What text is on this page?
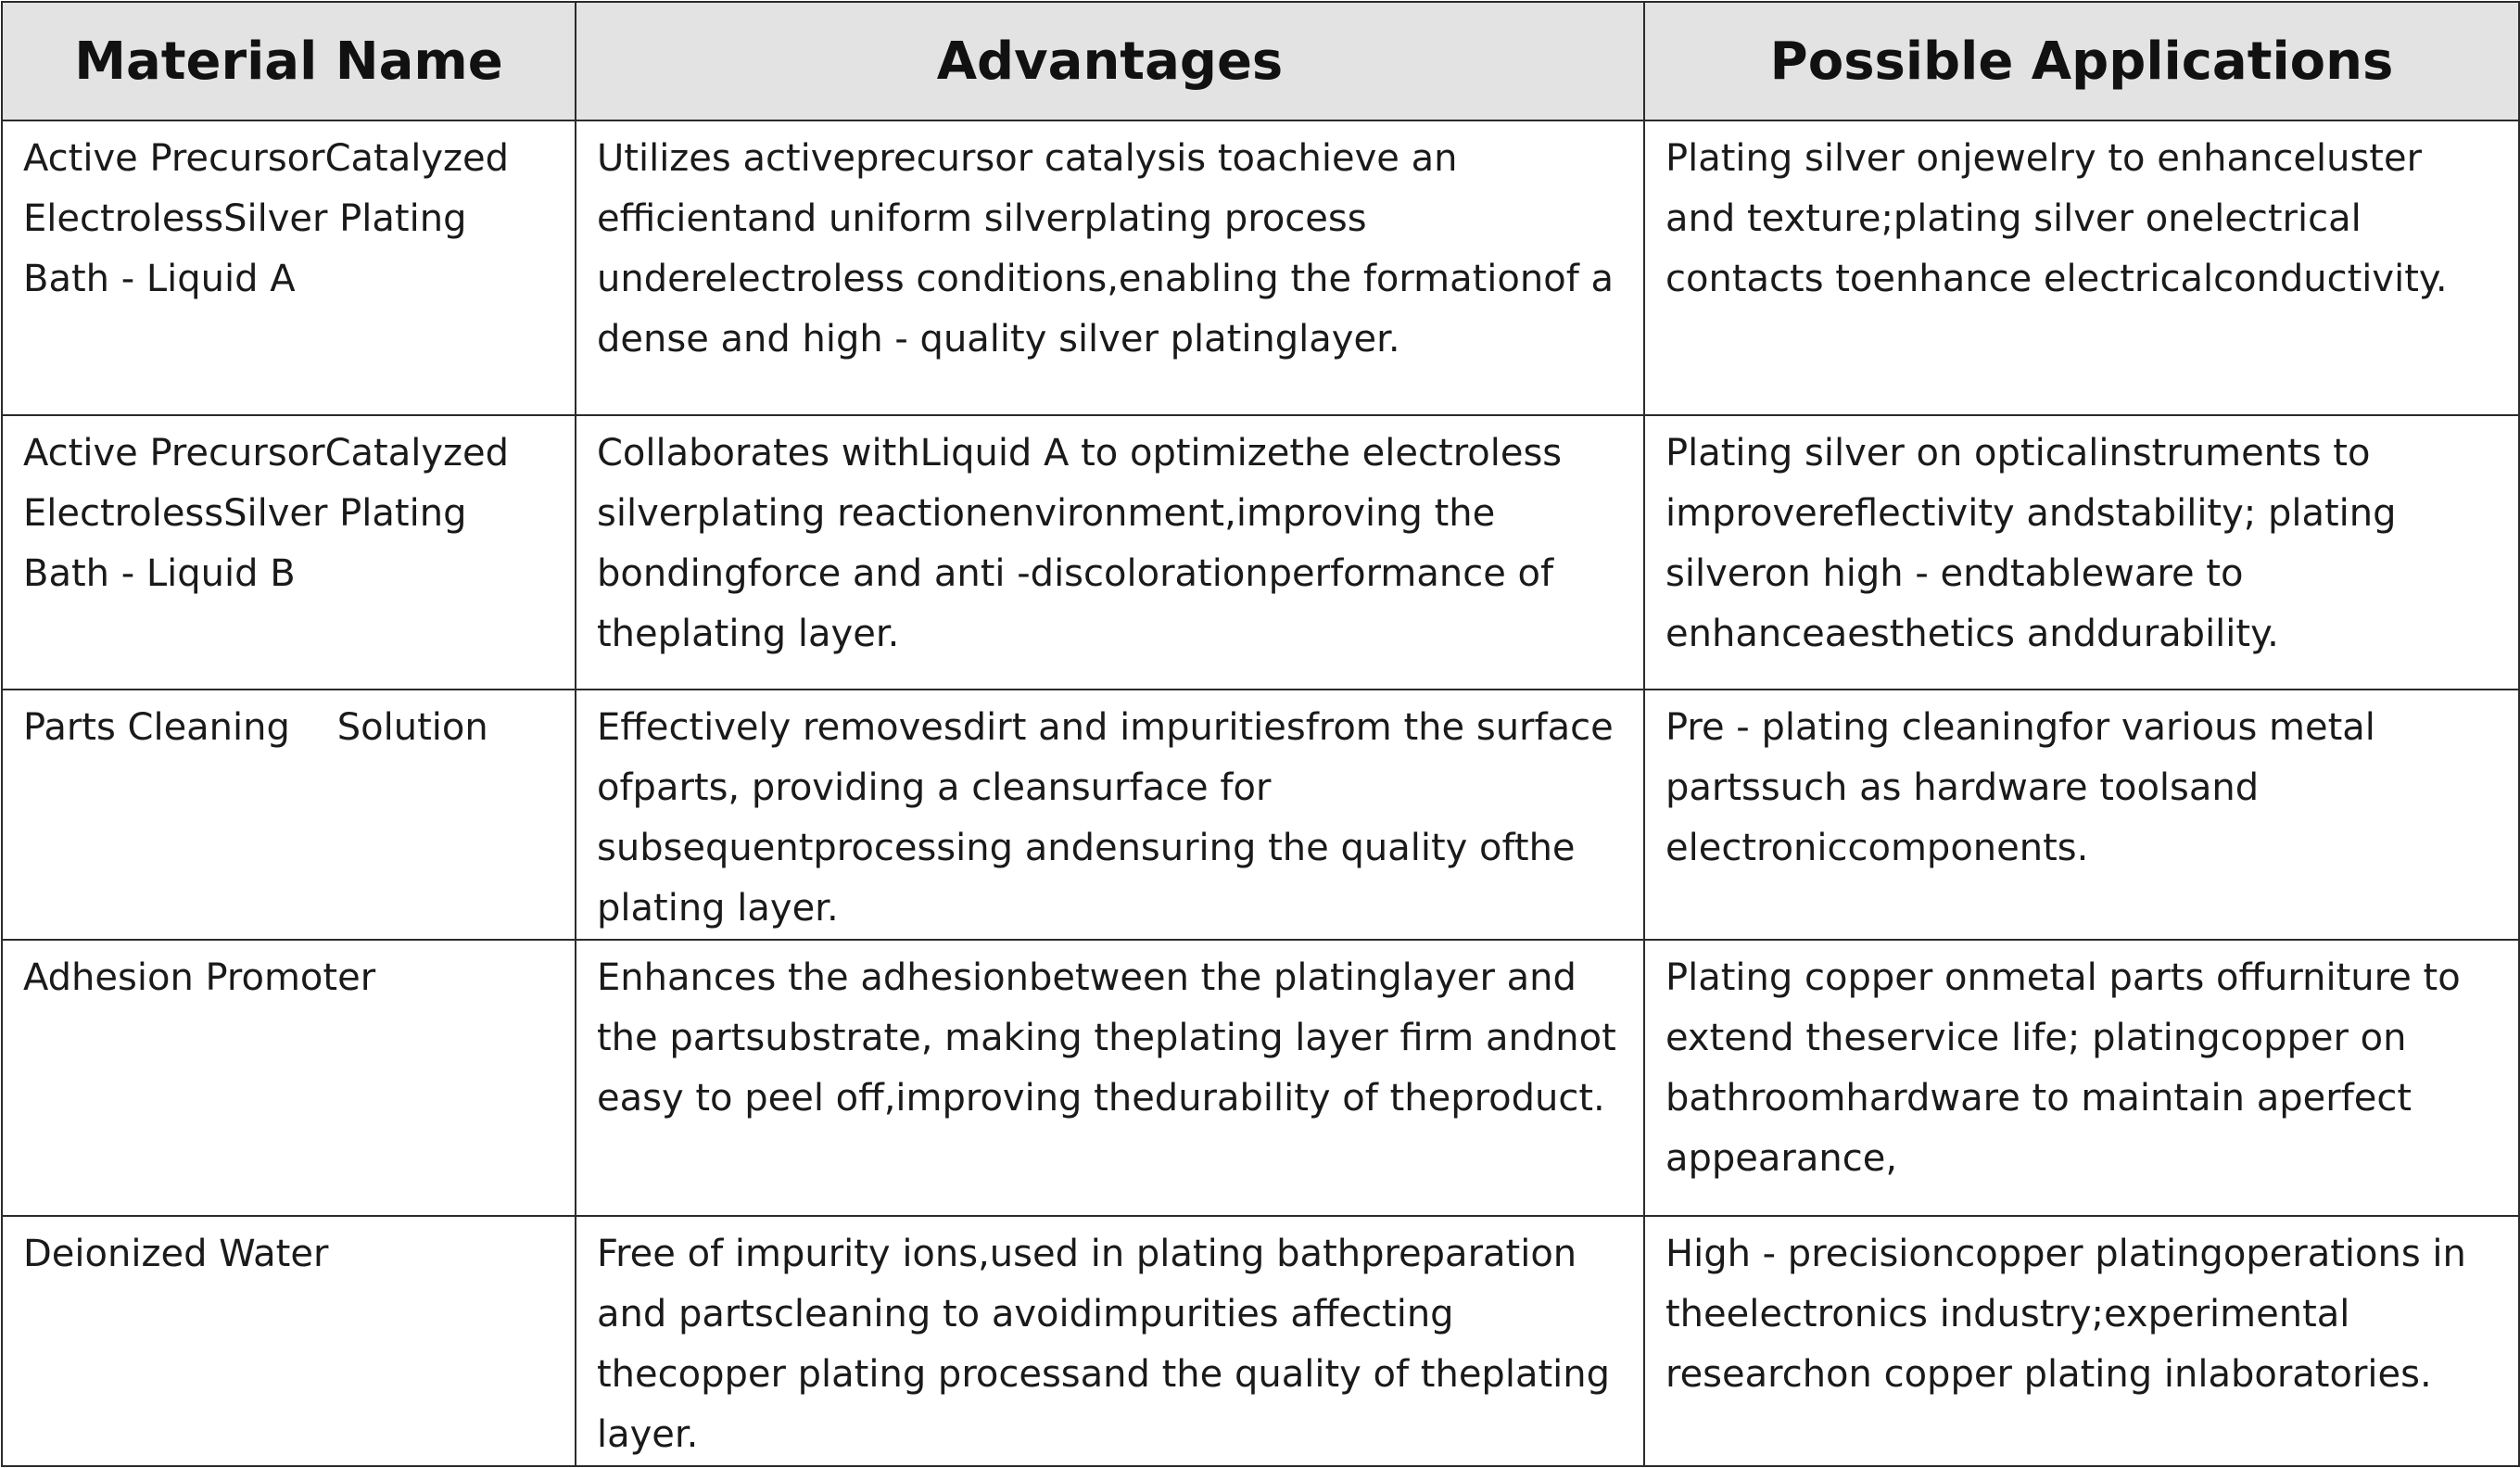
Material Name	Advantages	Possible Applications
Active PrecursorCatalyzed ElectrolessSilver Plating Bath - Liquid A	Utilizes activeprecursor catalysis toachieve an efficientand uniform silverplating process underelectroless conditions,enabling the formationof a dense and high - quality silver platinglayer.	Plating silver onjewelry to enhanceluster and texture;plating silver onelectrical contacts toenhance electricalconductivity.
Active PrecursorCatalyzed ElectrolessSilver Plating Bath - Liquid B	Collaborates withLiquid A to optimizethe electroless silverplating reactionenvironment,improving the bondingforce and anti -discolorationperformance of theplating layer.	Plating silver on opticalinstruments to improvereflectivity andstability; plating silveron high - endtableware to enhanceaesthetics anddurability.
Parts Cleaning    Solution	Effectively removesdirt and impuritiesfrom the surface ofparts, providing a cleansurface for subsequentprocessing andensuring the quality ofthe plating layer.	Pre - plating cleaningfor various metal partssuch as hardware toolsand electroniccomponents.
Adhesion Promoter	Enhances the adhesionbetween the platinglayer and the partsubstrate, making theplating layer firm andnot easy to peel off,improving thedurability of theproduct.	Plating copper onmetal parts offurniture to extend theservice life; platingcopper on bathroomhardware to maintain aperfect appearance,
Deionized Water	Free of impurity ions,used in plating bathpreparation and partscleaning to avoidimpurities affecting thecopper plating processand the quality of theplating layer.	High - precisioncopper platingoperations in theelectronics industry;experimental researchon copper plating inlaboratories.
